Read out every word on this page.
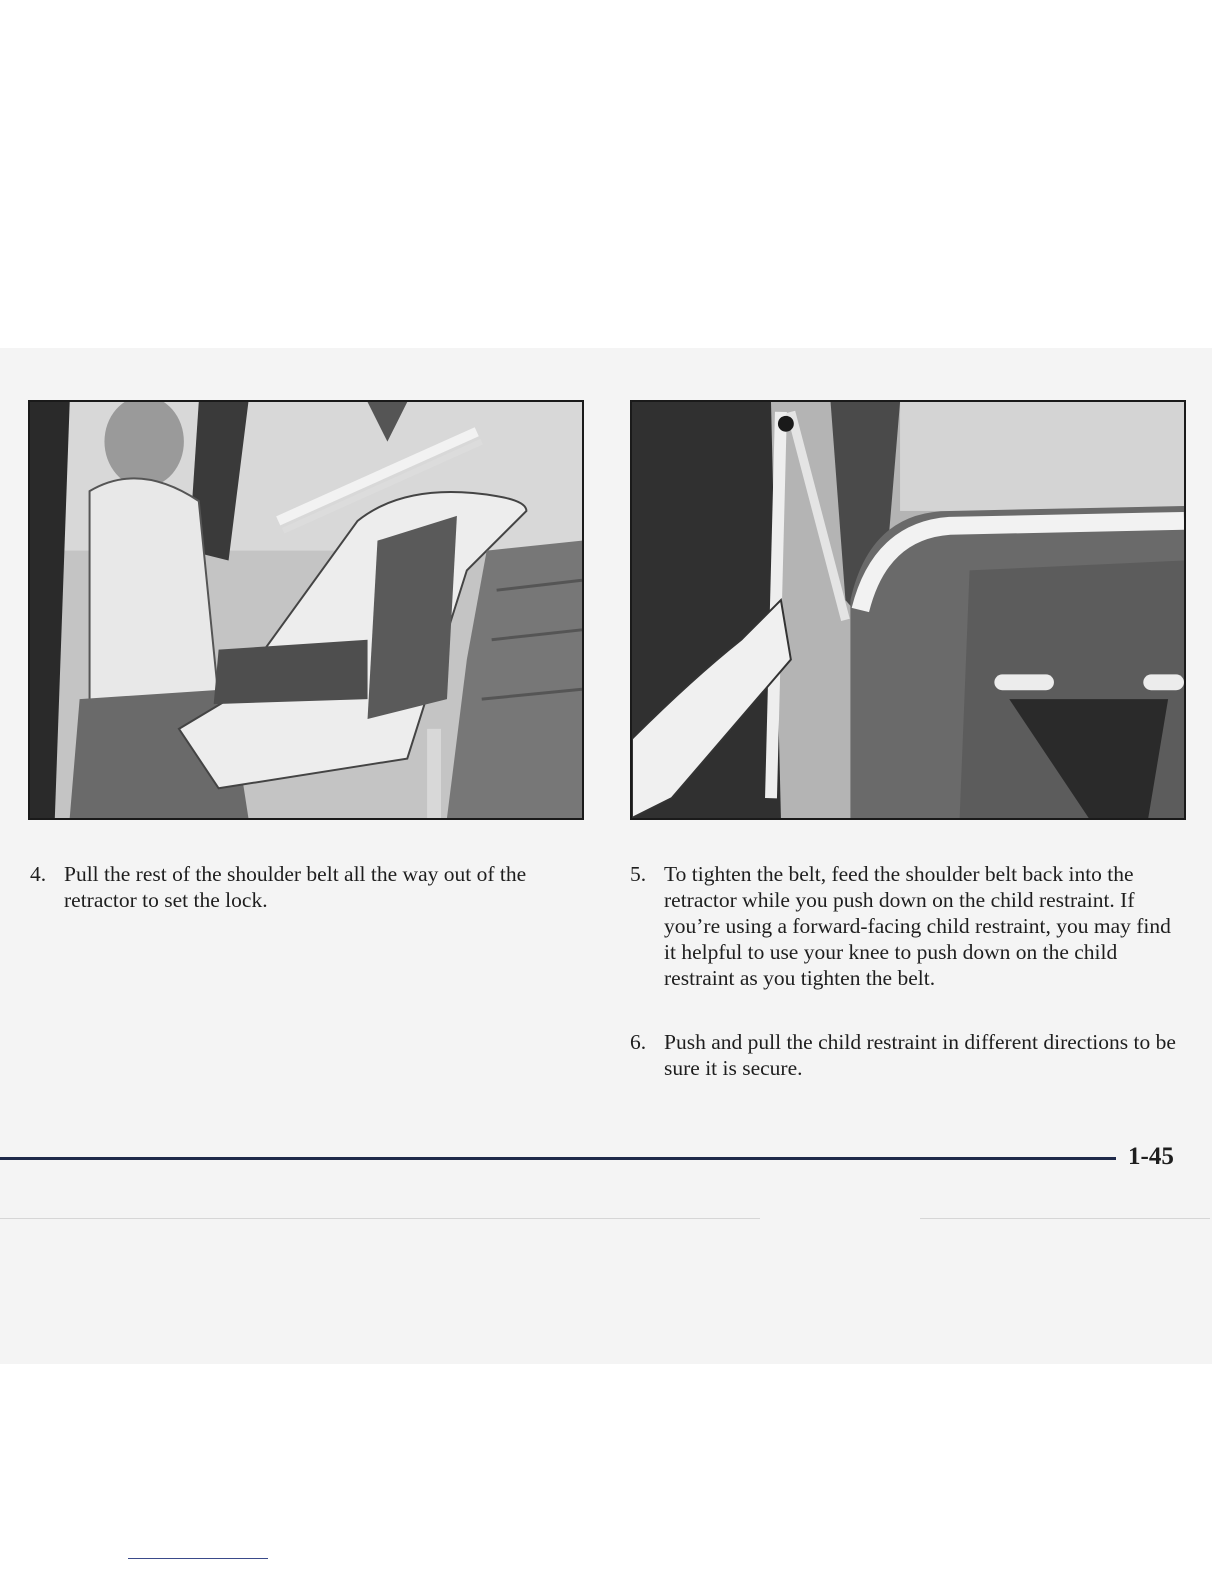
4. Pull the rest of the shoulder belt all the way out of the retractor to set the lock.
5. To tighten the belt, feed the shoulder belt back into the retractor while you push down on the child restraint. If you’re using a forward-facing child restraint, you may find it helpful to use your knee to push down on the child restraint as you tighten the belt.
6. Push and pull the child restraint in different directions to be sure it is secure.
1-45
